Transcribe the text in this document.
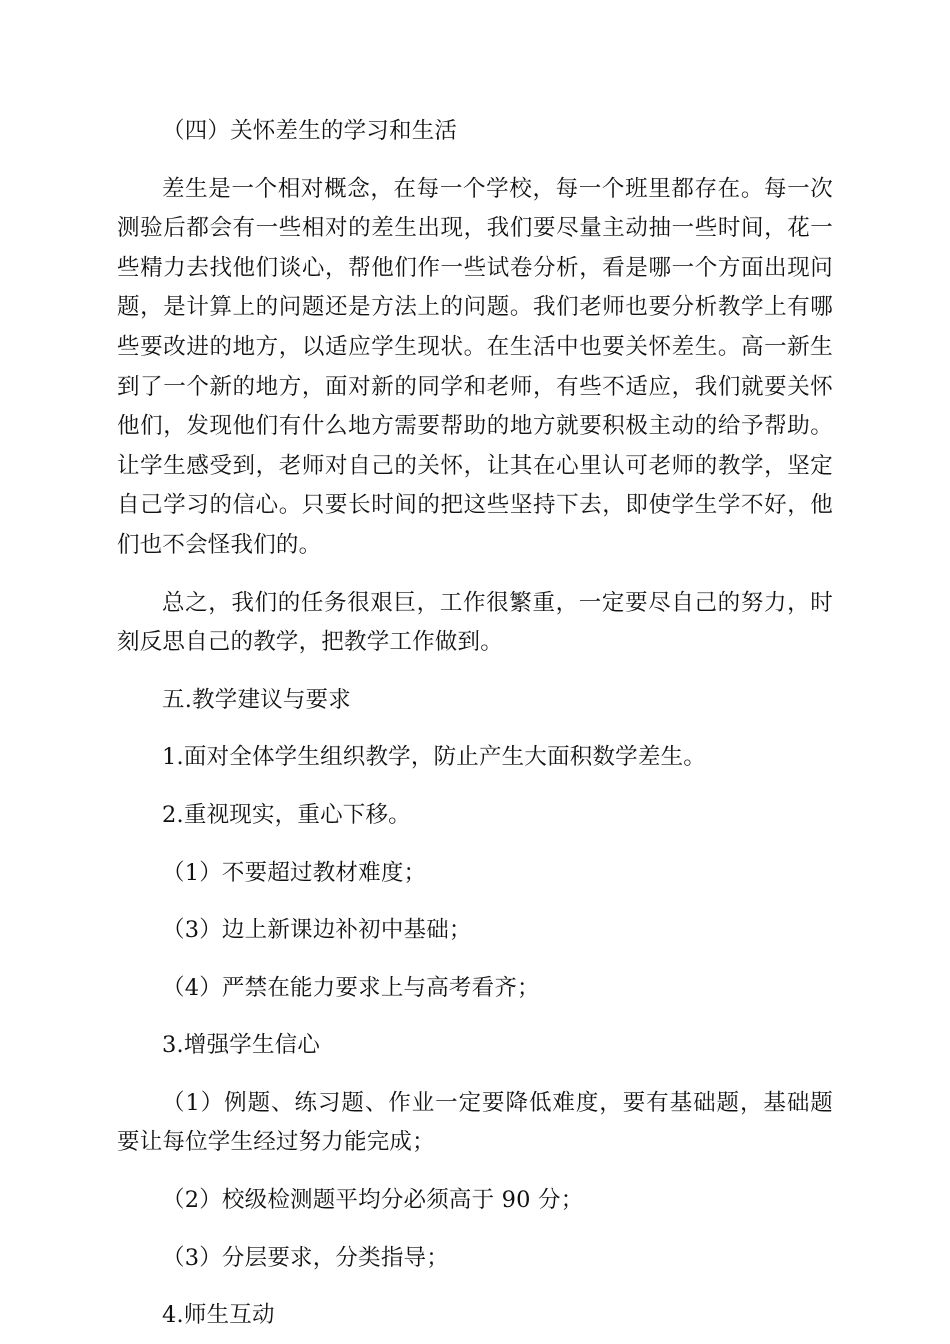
（四）关怀差生的学习和生活

差生是一个相对概念，在每一个学校，每一个班里都存在。每一次测验后都会有一些相对的差生出现，我们要尽量主动抽一些时间，花一些精力去找他们谈心，帮他们作一些试卷分析，看是哪一个方面出现问题，是计算上的问题还是方法上的问题。我们老师也要分析教学上有哪些要改进的地方，以适应学生现状。在生活中也要关怀差生。高一新生到了一个新的地方，面对新的同学和老师，有些不适应，我们就要关怀他们，发现他们有什么地方需要帮助的地方就要积极主动的给予帮助。让学生感受到，老师对自己的关怀，让其在心里认可老师的教学，坚定自己学习的信心。只要长时间的把这些坚持下去，即使学生学不好，他们也不会怪我们的。

总之，我们的任务很艰巨，工作很繁重，一定要尽自己的努力，时刻反思自己的教学，把教学工作做到。

五.教学建议与要求

1.面对全体学生组织教学，防止产生大面积数学差生。

2.重视现实，重心下移。

（1）不要超过教材难度；

（3）边上新课边补初中基础；

（4）严禁在能力要求上与高考看齐；

3.增强学生信心

（1）例题、练习题、作业一定要降低难度，要有基础题，基础题要让每位学生经过努力能完成；

（2）校级检测题平均分必须高于 90 分；

（3）分层要求，分类指导；

4.师生互动
